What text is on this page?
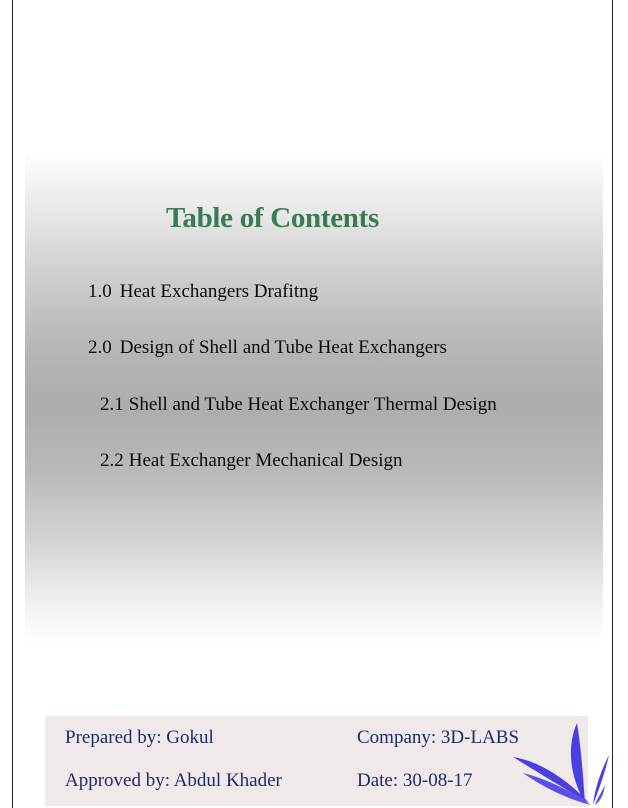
Table of Contents
1.0 Heat Exchangers Drafitng
2.0 Design of Shell and Tube Heat Exchangers
2.1 Shell and Tube Heat Exchanger Thermal Design
2.2 Heat Exchanger Mechanical Design
Prepared by: Gokul	Company: 3D-LABS
Approved by: Abdul Khader	Date: 30-08-17
